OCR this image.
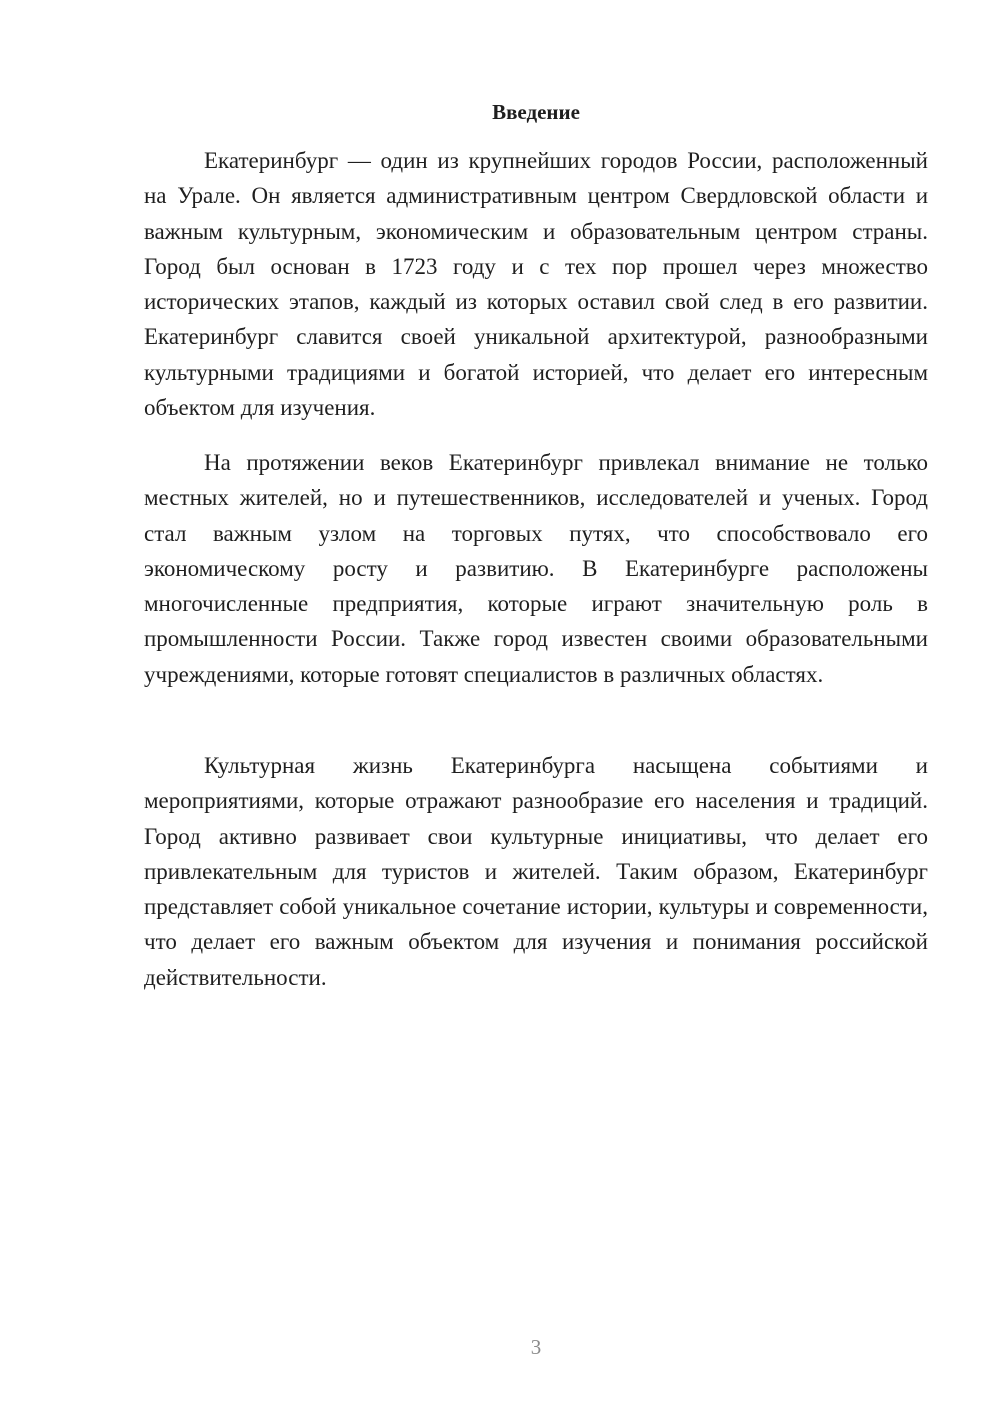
Введение

Екатеринбург — один из крупнейших городов России, расположенный на Урале. Он является административным центром Свердловской области и важным культурным, экономическим и образовательным центром страны. Город был основан в 1723 году и с тех пор прошел через множество исторических этапов, каждый из которых оставил свой след в его развитии. Екатеринбург славится своей уникальной архитектурой, разнообразными культурными традициями и богатой историей, что делает его интересным объектом для изучения.

На протяжении веков Екатеринбург привлекал внимание не только местных жителей, но и путешественников, исследователей и ученых. Город стал важным узлом на торговых путях, что способствовало его экономическому росту и развитию. В Екатеринбурге расположены многочисленные предприятия, которые играют значительную роль в промышленности России. Также город известен своими образовательными учреждениями, которые готовят специалистов в различных областях.

Культурная жизнь Екатеринбурга насыщена событиями и мероприятиями, которые отражают разнообразие его населения и традиций. Город активно развивает свои культурные инициативы, что делает его привлекательным для туристов и жителей. Таким образом, Екатеринбург представляет собой уникальное сочетание истории, культуры и современности, что делает его важным объектом для изучения и понимания российской действительности.

3
